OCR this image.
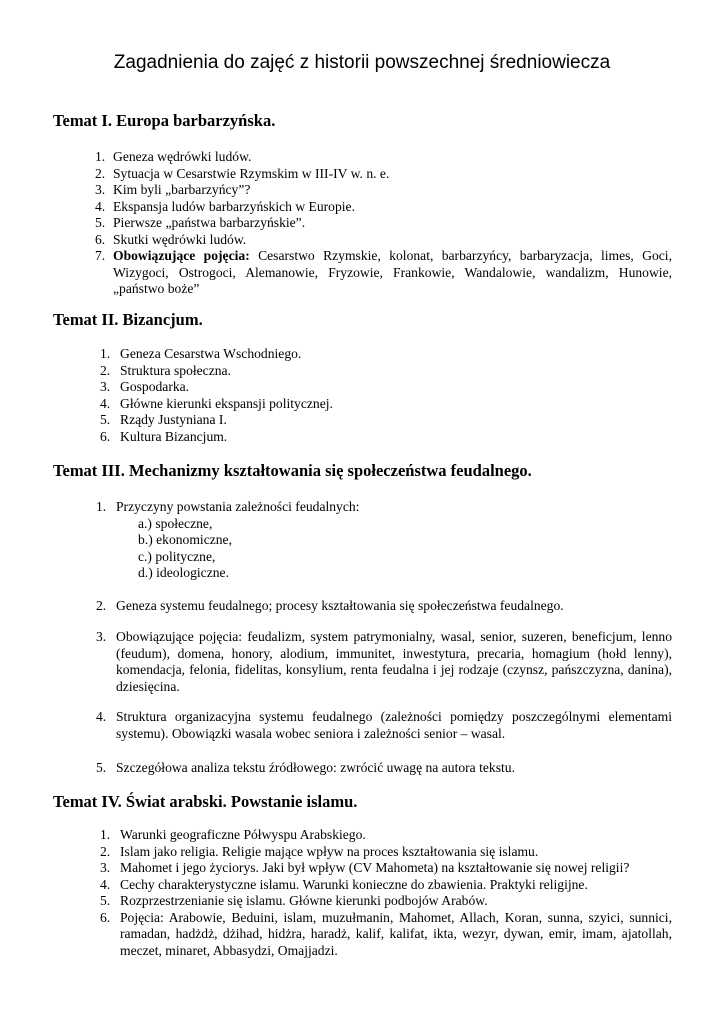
Zagadnienia do zajęć z historii powszechnej średniowiecza
Temat I. Europa barbarzyńska.
1. Geneza wędrówki ludów.
2. Sytuacja w Cesarstwie Rzymskim w III-IV w. n. e.
3. Kim byli „barbarzyńcy”?
4. Ekspansja ludów barbarzyńskich w Europie.
5. Pierwsze „państwa barbarzyńskie”.
6. Skutki wędrówki ludów.
7. Obowiązujące pojęcia: Cesarstwo Rzymskie, kolonat, barbarzyńcy, barbaryzacja, limes, Goci, Wizygoci, Ostrogoci, Alemanowie, Fryzowie, Frankowie, Wandalowie, wandalizm, Hunowie, „państwo boże”
Temat II. Bizancjum.
1. Geneza Cesarstwa Wschodniego.
2. Struktura społeczna.
3. Gospodarka.
4. Główne kierunki ekspansji politycznej.
5. Rządy Justyniana I.
6. Kultura Bizancjum.
Temat III. Mechanizmy kształtowania się społeczeństwa feudalnego.
1. Przyczyny powstania zależności feudalnych:
a.) społeczne,
b.) ekonomiczne,
c.) polityczne,
d.) ideologiczne.
2. Geneza systemu feudalnego; procesy kształtowania się społeczeństwa feudalnego.
3. Obowiązujące pojęcia: feudalizm, system patrymonialny, wasal, senior, suzeren, beneficjum, lenno (feudum), domena, honory, alodium, immunitet, inwestytura, precaria, homagium (hołd lenny), komendacja, felonia, fidelitas, konsylium, renta feudalna i jej rodzaje (czynsz, pańszczyzna, danina), dziesięcina.
4. Struktura organizacyjna systemu feudalnego (zależności pomiędzy poszczególnymi elementami systemu). Obowiązki wasala wobec seniora i zależności senior – wasal.
5. Szczegółowa analiza tekstu źródłowego: zwrócić uwagę na autora tekstu.
Temat IV. Świat arabski. Powstanie islamu.
1. Warunki geograficzne Półwyspu Arabskiego.
2. Islam jako religia. Religie mające wpływ na proces kształtowania się islamu.
3. Mahomet i jego życiorys. Jaki był wpływ (CV Mahometa) na kształtowanie się nowej religii?
4. Cechy charakterystyczne islamu. Warunki konieczne do zbawienia. Praktyki religijne.
5. Rozprzestrzenianie się islamu. Główne kierunki podbojów Arabów.
6. Pojęcia: Arabowie, Beduini, islam, muzułmanin, Mahomet, Allach, Koran, sunna, szyici, sunnici, ramadan, hadżdż, dżihad, hidżra, haradż, kalif, kalifat, ikta, wezyr, dywan, emir, imam, ajatollah, meczet, minaret, Abbasydzi, Omajjadzi.
